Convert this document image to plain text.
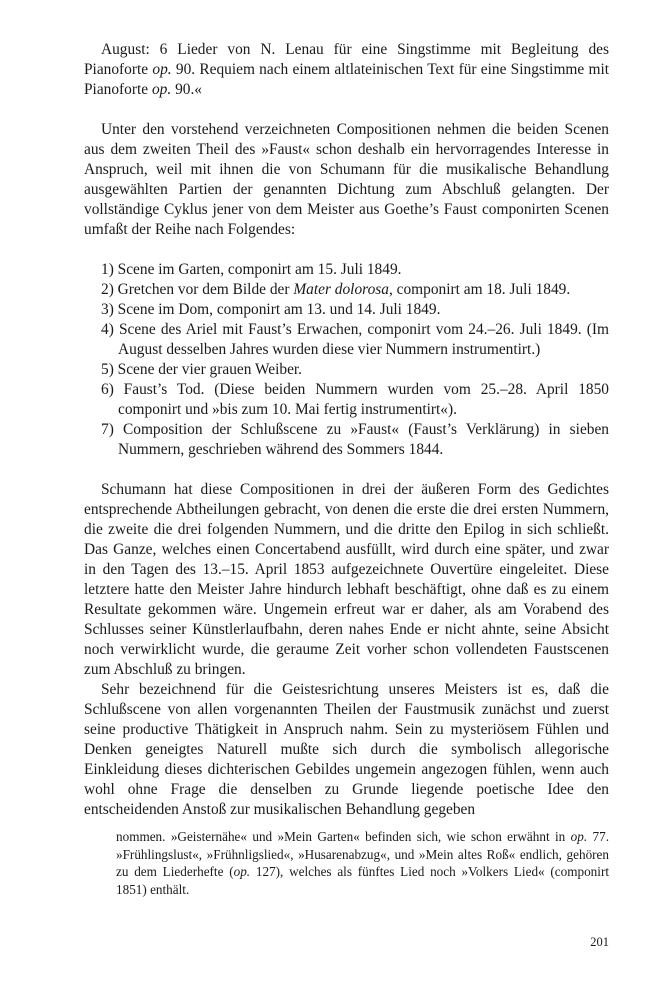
August: 6 Lieder von N. Lenau für eine Singstimme mit Begleitung des Pianoforte op. 90. Requiem nach einem altlateinischen Text für eine Singstimme mit Pianoforte op. 90.«

Unter den vorstehend verzeichneten Compositionen nehmen die beiden Scenen aus dem zweiten Theil des »Faust« schon deshalb ein hervorragendes Interesse in Anspruch, weil mit ihnen die von Schumann für die musikalische Behandlung ausgewählten Partien der genannten Dichtung zum Abschluß gelangten. Der vollständige Cyklus jener von dem Meister aus Goethe’s Faust componirten Scenen umfaßt der Reihe nach Folgendes:

1) Scene im Garten, componirt am 15. Juli 1849.
2) Gretchen vor dem Bilde der Mater dolorosa, componirt am 18. Juli 1849.
3) Scene im Dom, componirt am 13. und 14. Juli 1849.
4) Scene des Ariel mit Faust’s Erwachen, componirt vom 24.–26. Juli 1849. (Im August desselben Jahres wurden diese vier Nummern instrumentirt.)
5) Scene der vier grauen Weiber.
6) Faust’s Tod. (Diese beiden Nummern wurden vom 25.–28. April 1850 componirt und »bis zum 10. Mai fertig instrumentirt«).
7) Composition der Schlußscene zu »Faust« (Faust’s Verklärung) in sieben Nummern, geschrieben während des Sommers 1844.

Schumann hat diese Compositionen in drei der äußeren Form des Gedichtes entsprechende Abtheilungen gebracht, von denen die erste die drei ersten Nummern, die zweite die drei folgenden Nummern, und die dritte den Epilog in sich schließt. Das Ganze, welches einen Concertabend ausfüllt, wird durch eine später, und zwar in den Tagen des 13.–15. April 1853 aufgezeichnete Ouvertüre eingeleitet. Diese letztere hatte den Meister Jahre hindurch lebhaft beschäftigt, ohne daß es zu einem Resultate gekommen wäre. Ungemein erfreut war er daher, als am Vorabend des Schlusses seiner Künstlerlaufbahn, deren nahes Ende er nicht ahnte, seine Absicht noch verwirklicht wurde, die geraume Zeit vorher schon vollendeten Faustscenen zum Abschluß zu bringen.

Sehr bezeichnend für die Geistesrichtung unseres Meisters ist es, daß die Schlußscene von allen vorgenannten Theilen der Faustmusik zunächst und zuerst seine productive Thätigkeit in Anspruch nahm. Sein zu mysteriösem Fühlen und Denken geneigtes Naturell mußte sich durch die symbolisch allegorische Einkleidung dieses dichterischen Gebildes ungemein angezogen fühlen, wenn auch wohl ohne Frage die denselben zu Grunde liegende poetische Idee den entscheidenden Anstoß zur musikalischen Behandlung gegeben

nommen. »Geisternähe« und »Mein Garten« befinden sich, wie schon erwähnt in op. 77. »Frühlingslust«, »Frühnligslied«, »Husarenabzug«, und »Mein altes Roß« endlich, gehören zu dem Liederhefte (op. 127), welches als fünftes Lied noch »Volkers Lied« (componirt 1851) enthält.

201
